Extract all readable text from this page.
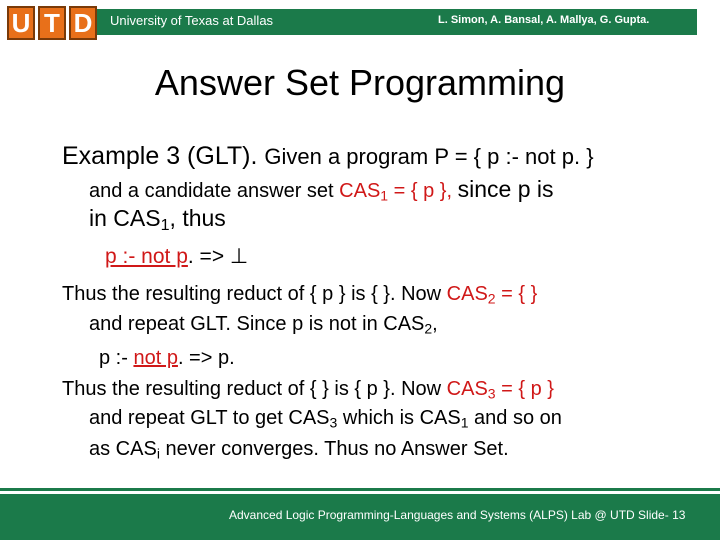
U T D	University of Texas at Dallas	L. Simon, A. Bansal, A. Mallya, G. Gupta.
Answer Set Programming
Example 3 (GLT). Given a program P = { p :- not p. }
and a candidate answer set $CAS_1$ = { p }, since p is
in $CAS_1$, thus
p :- not p. => ⊥
Thus the resulting reduct of { p } is { }. Now $CAS_2$ = { }
and repeat GLT. Since p is not in $CAS_2$,
p :- not p. => p.
Thus the resulting reduct of { } is { p }. Now $CAS_3$ = { p }
and repeat GLT to get $CAS_3$ which is $CAS_1$ and so on
as $CAS_i$ never converges. Thus no Answer Set.
Advanced Logic Programming-Languages and Systems (ALPS) Lab @ UTD Slide- 13
